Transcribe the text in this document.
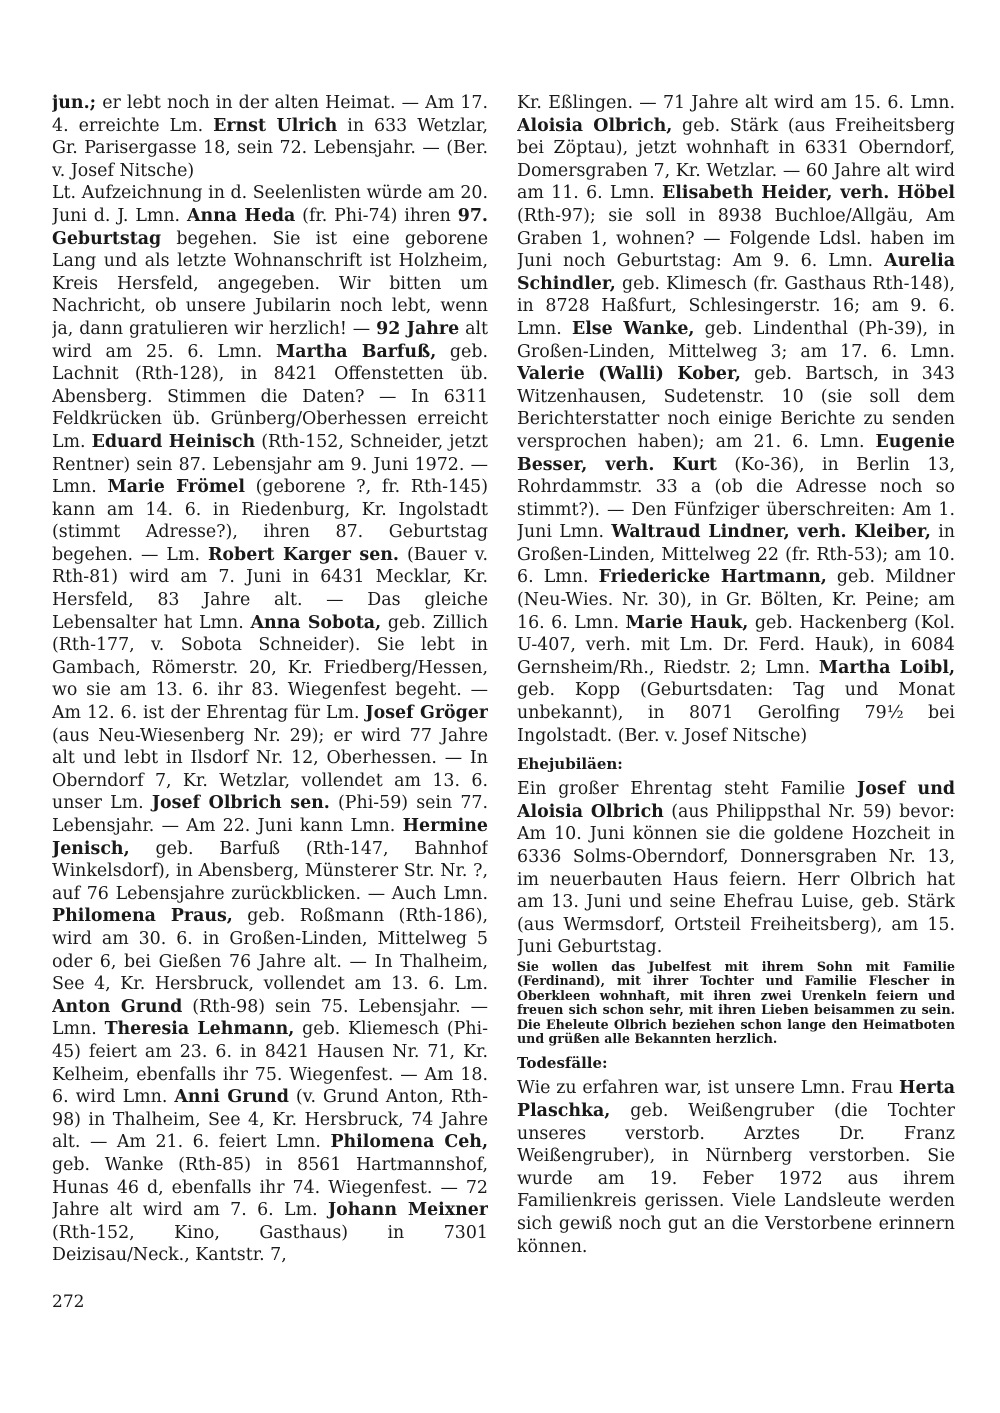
jun.; er lebt noch in der alten Heimat. — Am 17. 4. erreichte Lm. Ernst Ulrich in 633 Wetzlar, Gr. Parisergasse 18, sein 72. Lebensjahr. — (Ber. v. Josef Nitsche)

Lt. Aufzeichnung in d. Seelenlisten würde am 20. Juni d. J. Lmn. Anna Heda (fr. Phi-74) ihren 97. Geburtstag begehen. Sie ist eine geborene Lang und als letzte Wohnanschrift ist Holzheim, Kreis Hersfeld, angegeben. Wir bitten um Nachricht, ob unsere Jubilarin noch lebt, wenn ja, dann gratulieren wir herzlich! — 92 Jahre alt wird am 25. 6. Lmn. Martha Barfuß, geb. Lachnit (Rth-128), in 8421 Offenstetten üb. Abensberg. Stimmen die Daten? — In 6311 Feldkrücken üb. Grünberg/Oberhessen erreicht Lm. Eduard Heinisch (Rth-152, Schneider, jetzt Rentner) sein 87. Lebensjahr am 9. Juni 1972. — Lmn. Marie Frömel (geborene ?, fr. Rth-145) kann am 14. 6. in Riedenburg, Kr. Ingolstadt (stimmt Adresse?), ihren 87. Geburtstag begehen. — Lm. Robert Karger sen. (Bauer v. Rth-81) wird am 7. Juni in 6431 Mecklar, Kr. Hersfeld, 83 Jahre alt. — Das gleiche Lebensalter hat Lmn. Anna Sobota, geb. Zillich (Rth-177, v. Sobota Schneider). Sie lebt in Gambach, Römerstr. 20, Kr. Friedberg/Hessen, wo sie am 13. 6. ihr 83. Wiegenfest begeht. — Am 12. 6. ist der Ehrentag für Lm. Josef Gröger (aus Neu-Wiesenberg Nr. 29); er wird 77 Jahre alt und lebt in Ilsdorf Nr. 12, Oberhessen. — In Oberndorf 7, Kr. Wetzlar, vollendet am 13. 6. unser Lm. Josef Olbrich sen. (Phi-59) sein 77. Lebensjahr. — Am 22. Juni kann Lmn. Hermine Jenisch, geb. Barfuß (Rth-147, Bahnhof Winkelsdorf), in Abensberg, Münsterer Str. Nr. ?, auf 76 Lebensjahre zurückblicken. — Auch Lmn. Philomena Praus, geb. Roßmann (Rth-186), wird am 30. 6. in Großen-Linden, Mittelweg 5 oder 6, bei Gießen 76 Jahre alt. — In Thalheim, See 4, Kr. Hersbruck, vollendet am 13. 6. Lm. Anton Grund (Rth-98) sein 75. Lebensjahr. — Lmn. Theresia Lehmann, geb. Kliemesch (Phi-45) feiert am 23. 6. in 8421 Hausen Nr. 71, Kr. Kelheim, ebenfalls ihr 75. Wiegenfest. — Am 18. 6. wird Lmn. Anni Grund (v. Grund Anton, Rth-98) in Thalheim, See 4, Kr. Hersbruck, 74 Jahre alt. — Am 21. 6. feiert Lmn. Philomena Ceh, geb. Wanke (Rth-85) in 8561 Hartmannshof, Hunas 46 d, ebenfalls ihr 74. Wiegenfest. — 72 Jahre alt wird am 7. 6. Lm. Johann Meixner (Rth-152, Kino, Gasthaus) in 7301 Deizisau/Neck., Kantstr. 7,

Kr. Eßlingen. — 71 Jahre alt wird am 15. 6. Lmn. Aloisia Olbrich, geb. Stärk (aus Freiheitsberg bei Zöptau), jetzt wohnhaft in 6331 Oberndorf, Domersgraben 7, Kr. Wetzlar. — 60 Jahre alt wird am 11. 6. Lmn. Elisabeth Heider, verh. Höbel (Rth-97); sie soll in 8938 Buchloe/Allgäu, Am Graben 1, wohnen? — Folgende Ldsl. haben im Juni noch Geburtstag: Am 9. 6. Lmn. Aurelia Schindler, geb. Klimesch (fr. Gasthaus Rth-148), in 8728 Haßfurt, Schlesingerstr. 16; am 9. 6. Lmn. Else Wanke, geb. Lindenthal (Ph-39), in Großen-Linden, Mittelweg 3; am 17. 6. Lmn. Valerie (Walli) Kober, geb. Bartsch, in 343 Witzenhausen, Sudetenstr. 10 (sie soll dem Berichterstatter noch einige Berichte zu senden versprochen haben); am 21. 6. Lmn. Eugenie Besser, verh. Kurt (Ko-36), in Berlin 13, Rohrdammstr. 33 a (ob die Adresse noch so stimmt?). — Den Fünfziger überschreiten: Am 1. Juni Lmn. Waltraud Lindner, verh. Kleiber, in Großen-Linden, Mittelweg 22 (fr. Rth-53); am 10. 6. Lmn. Friedericke Hartmann, geb. Mildner (Neu-Wies. Nr. 30), in Gr. Bölten, Kr. Peine; am 16. 6. Lmn. Marie Hauk, geb. Hackenberg (Kol. U-407, verh. mit Lm. Dr. Ferd. Hauk), in 6084 Gernsheim/Rh., Riedstr. 2; Lmn. Martha Loibl, geb. Kopp (Geburtsdaten: Tag und Monat unbekannt), in 8071 Gerolfing 79½ bei Ingolstadt. (Ber. v. Josef Nitsche)

Ehejubiläen:

Ein großer Ehrentag steht Familie Josef und Aloisia Olbrich (aus Philippsthal Nr. 59) bevor: Am 10. Juni können sie die goldene Hozcheit in 6336 Solms-Oberndorf, Donnersgraben Nr. 13, im neuerbauten Haus feiern. Herr Olbrich hat am 13. Juni und seine Ehefrau Luise, geb. Stärk (aus Wermsdorf, Ortsteil Freiheitsberg), am 15. Juni Geburtstag.

Sie wollen das Jubelfest mit ihrem Sohn mit Familie (Ferdinand), mit ihrer Tochter und Familie Flescher in Oberkleen wohnhaft, mit ihren zwei Urenkeln feiern und freuen sich schon sehr, mit ihren Lieben beisammen zu sein. Die Eheleute Olbrich beziehen schon lange den Heimatboten und grüßen alle Bekannten herzlich.

Todesfälle:

Wie zu erfahren war, ist unsere Lmn. Frau Herta Plaschka, geb. Weißengruber (die Tochter unseres verstorb. Arztes Dr. Franz Weißengruber), in Nürnberg verstorben. Sie wurde am 19. Feber 1972 aus ihrem Familienkreis gerissen. Viele Landsleute werden sich gewiß noch gut an die Verstorbene erinnern können.

272
